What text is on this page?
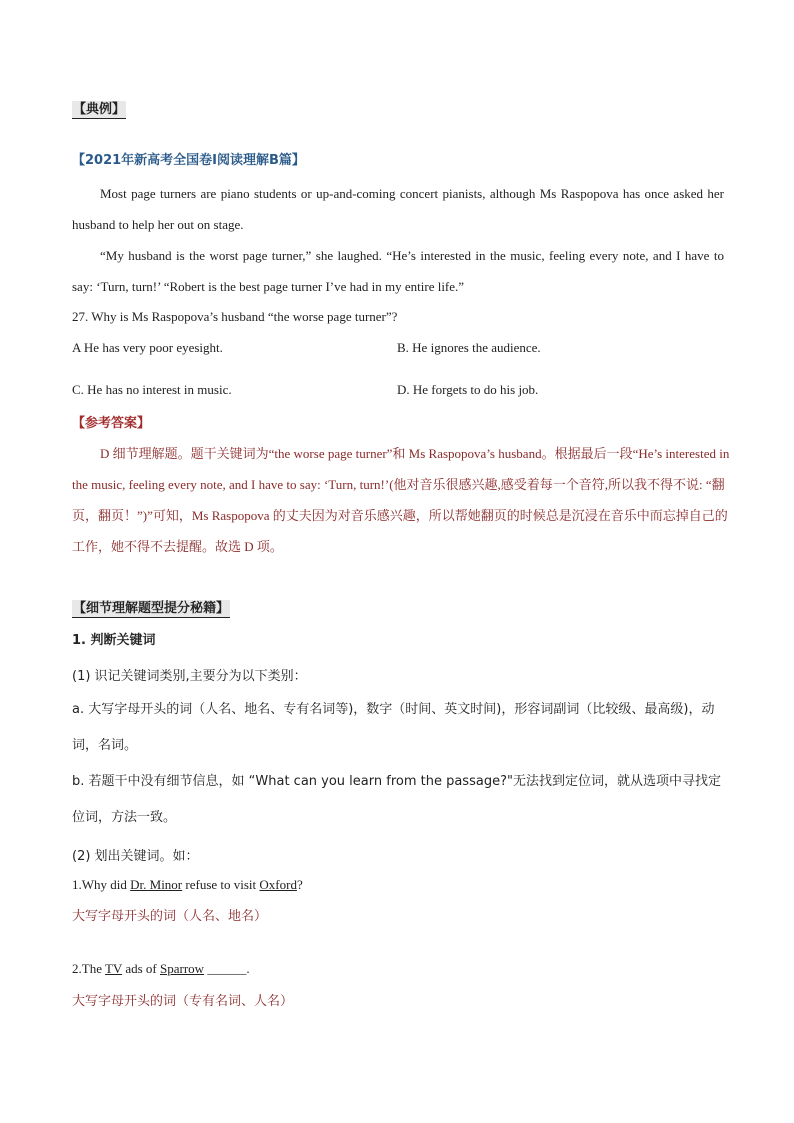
【典例】
【2021年新高考全国卷Ⅰ阅读理解B篇】
Most page turners are piano students or up-and-coming concert pianists, although Ms Raspopova has once asked her husband to help her out on stage.
“My husband is the worst page turner,” she laughed. “He’s interested in the music, feeling every note, and I have to say: ‘Turn, turn!’ “Robert is the best page turner I’ve had in my entire life.”
27. Why is Ms Raspopova’s husband “the worse page turner”?
A He has very poor eyesight.	B. He ignores the audience.
C. He has no interest in music.	D. He forgets to do his job.
【参考答案】
D 细节理解题。题干关键词为“the worse page turner”和 Ms Raspopova’s husband。根据最后一段“He’s interested in the music, feeling every note, and I have to say: ‘Turn, turn!’(他对音乐很感兴趣,感受着每一个音符,所以我不得不说: “翻页，翻页！”)”可知，Ms Raspopova 的丈夫因为对音乐感兴趣，所以帮她翻页的时候总是沉浸在音乐中而忘掉自己的工作，她不得不去提醒。故选 D 项。
【细节理解题型提分秘籍】
1. 判断关键词
(1) 识记关键词类别,主要分为以下类别：
a. 大写字母开头的词（人名、地名、专有名词等)，数字（时间、英文时间)，形容词副词（比较级、最高级)，动词，名词。
b. 若题干中没有细节信息，如 “What can you learn from the passage?"无法找到定位词，就从选项中寻找定位词，方法一致。
(2) 划出关键词。如：
1.Why did Dr. Minor refuse to visit Oxford?
大写字母开头的词（人名、地名）
2.The TV ads of Sparrow ______.
大写字母开头的词（专有名词、人名）
